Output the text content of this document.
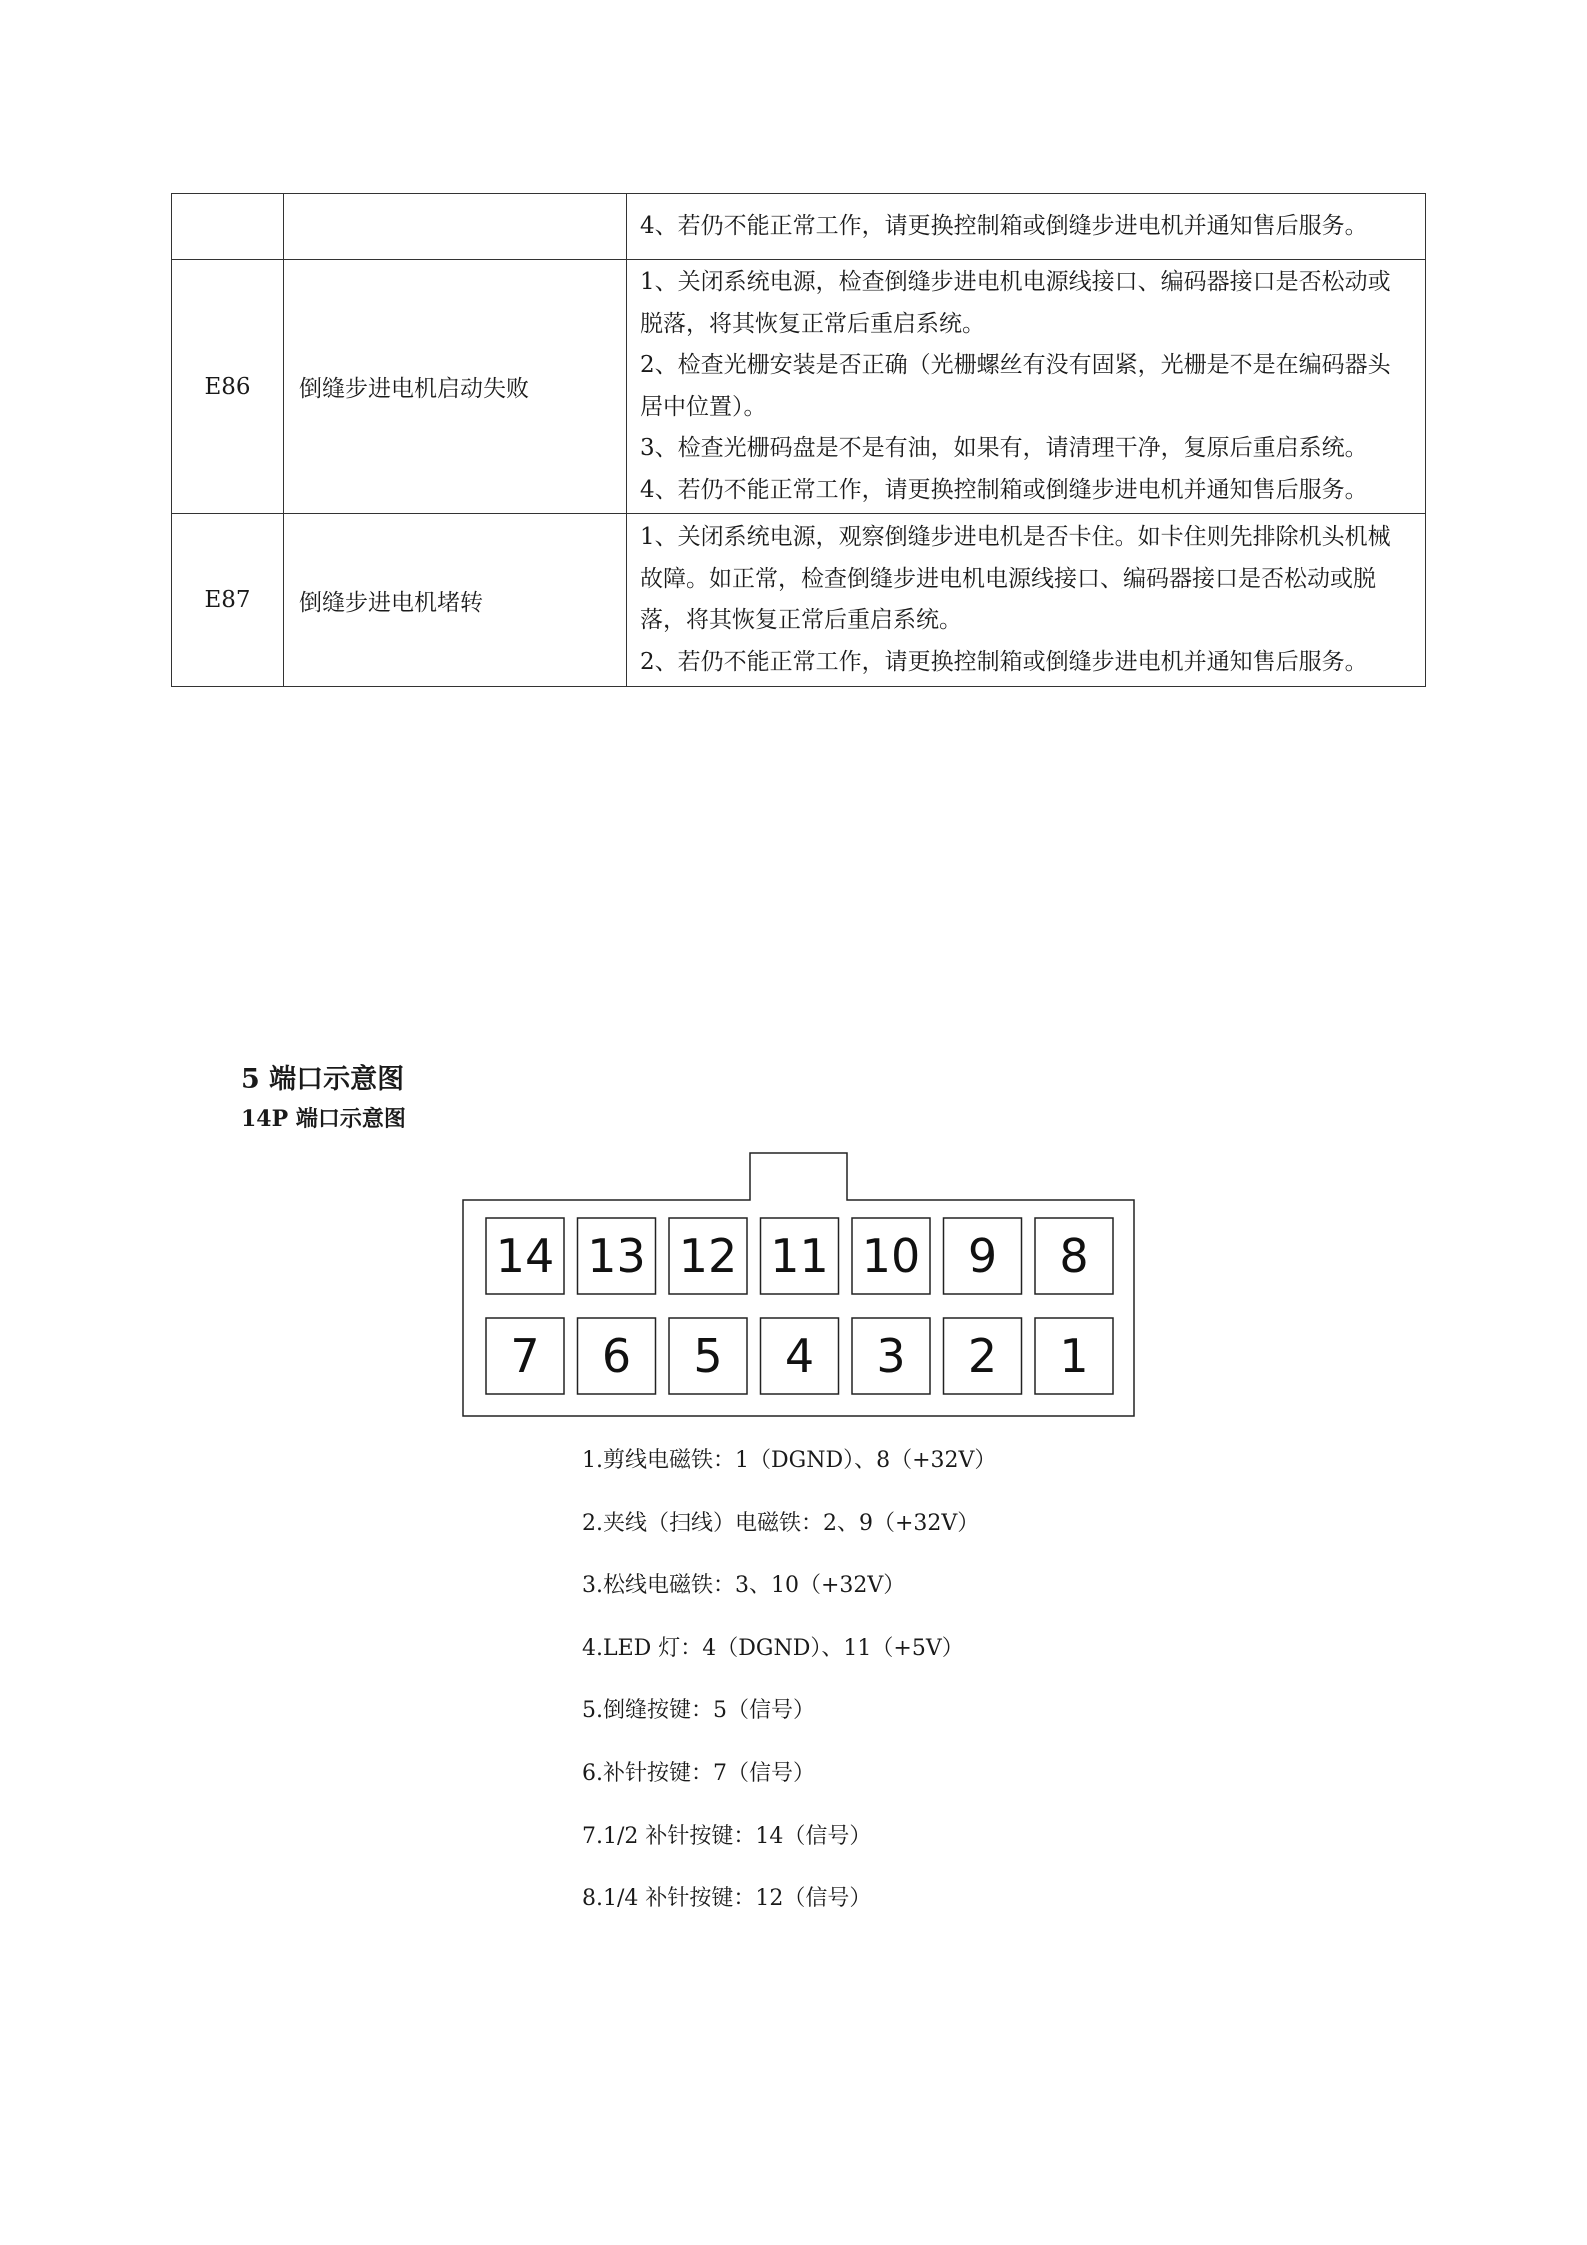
		4、若仍不能正常工作，请更换控制箱或倒缝步进电机并通知售后服务。

E86	倒缝步进电机启动失败	1、关闭系统电源，检查倒缝步进电机电源线接口、编码器接口是否松动或脱落，将其恢复正常后重启系统。

2、检查光栅安装是否正确（光栅螺丝有没有固紧，光栅是不是在编码器头居中位置）。

3、检查光栅码盘是不是有油，如果有，请清理干净，复原后重启系统。

4、若仍不能正常工作，请更换控制箱或倒缝步进电机并通知售后服务。

E87	倒缝步进电机堵转	1、关闭系统电源，观察倒缝步进电机是否卡住。如卡住则先排除机头机械故障。如正常，检查倒缝步进电机电源线接口、编码器接口是否松动或脱落，将其恢复正常后重启系统。

2、若仍不能正常工作，请更换控制箱或倒缝步进电机并通知售后服务。

5 端口示意图
14P 端口示意图
14 13 12 11 10 9 8
7 6 5 4 3 2 1
1.剪线电磁铁：1（DGND）、8（+32V）
2.夹线（扫线）电磁铁：2、9（+32V）
3.松线电磁铁：3、10（+32V）
4.LED 灯：4（DGND）、11（+5V）
5.倒缝按键：5（信号）
6.补针按键：7（信号）
7.1/2 补针按键：14（信号）
8.1/4 补针按键：12（信号）
